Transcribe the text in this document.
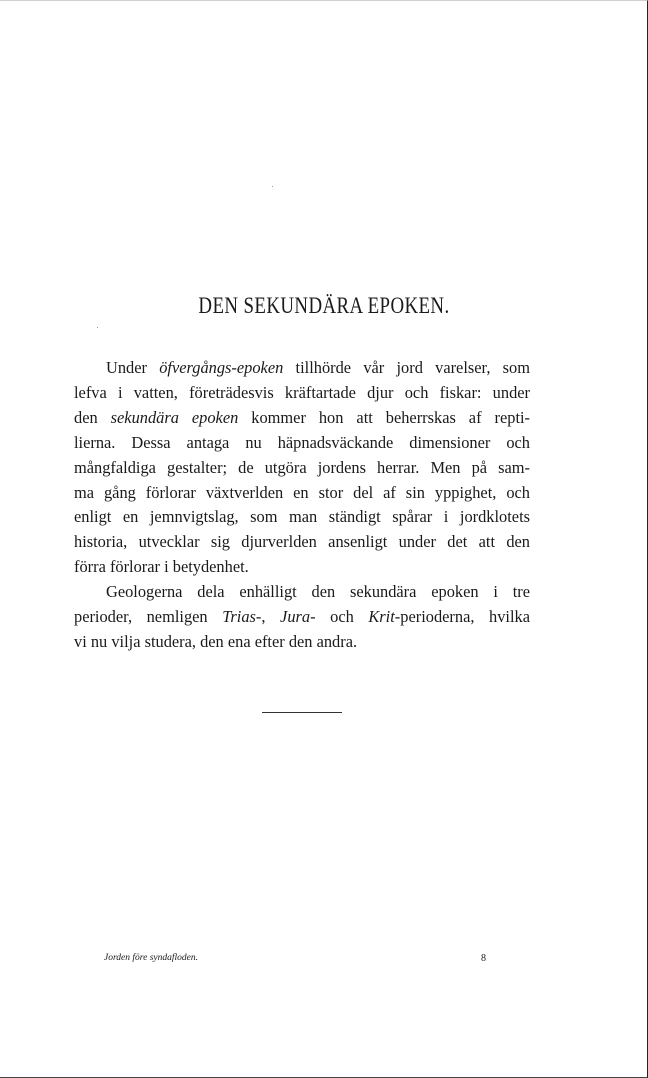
DEN SEKUNDÄRA EPOKEN.
Under öfvergångs-epoken tillhörde vår jord varelser, som
lefva i vatten, företrädesvis kräftartade djur och fiskar: under
den sekundära epoken kommer hon att beherrskas af repti-
lierna. Dessa antaga nu häpnadsväckande dimensioner och
mångfaldiga gestalter; de utgöra jordens herrar. Men på sam-
ma gång förlorar växtverlden en stor del af sin yppighet, och
enligt en jemnvigtslag, som man ständigt spårar i jordklotets
historia, utvecklar sig djurverlden ansenligt under det att den
förra förlorar i betydenhet.
Geologerna dela enhälligt den sekundära epoken i tre
perioder, nemligen Trias-, Jura- och Krit-perioderna, hvilka
vi nu vilja studera, den ena efter den andra.
Jorden före syndafloden.	8
